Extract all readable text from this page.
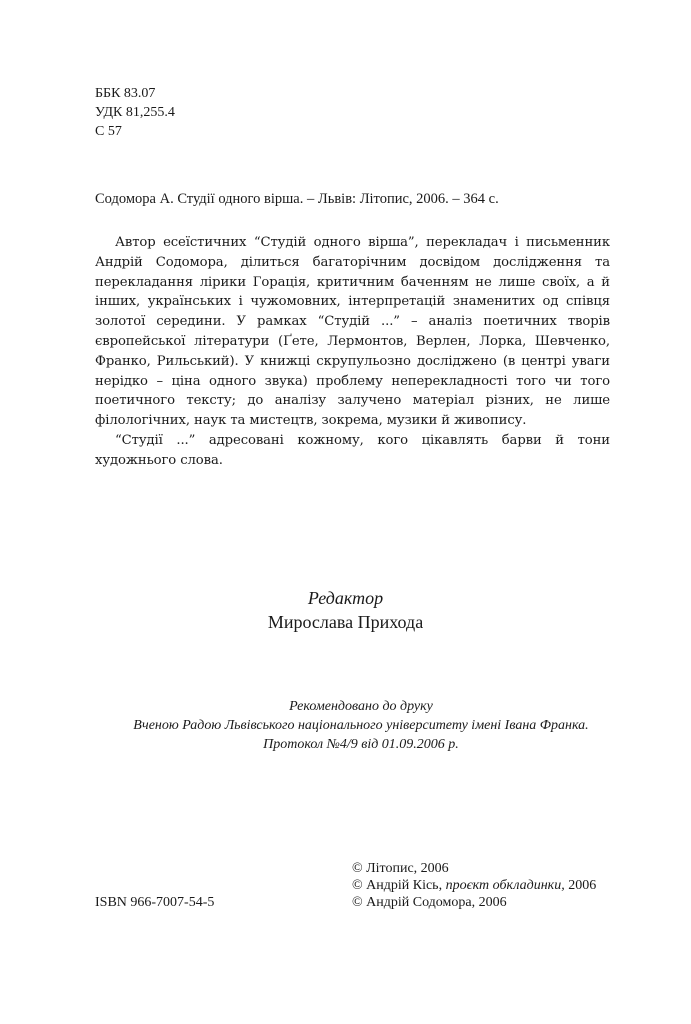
ББК 83.07
УДК 81,255.4
С 57
Содомора А. Студії одного вірша. – Львів: Літопис, 2006. – 364 с.

Автор есеїстичних “Студій одного вірша”, перекладач і письменник Андрій Содомора, ділиться багаторічним досвідом дослідження та перекладання лірики Горація, критичним баченням не лише своїх, а й інших, українських і чужомовних, інтерпретацій знаменитих од співця золотої середини. У рамках “Студій ...” – аналіз поетичних творів європейської літератури (Ґете, Лермонтов, Верлен, Лорка, Шевченко, Франко, Рильський). У книжці скрупульозно досліджено (в центрі уваги нерідко – ціна одного звука) проблему неперекладності того чи того поетичного тексту; до аналізу залучено матеріал різних, не лише філологічних, наук та мистецтв, зокрема, музики й живопису.

“Студії ...” адресовані кожному, кого цікавлять барви й тони художнього слова.

Редактор
Мирослава Прихода
Рекомендовано до друку
Вченою Радою Львівського національного університету імені Івана Франка.
Протокол №4/9 від 01.09.2006 р.
ISBN 966-7007-54-5
© Літопис, 2006
© Андрій Кісь, проєкт обкладинки, 2006
© Андрій Содомора, 2006
